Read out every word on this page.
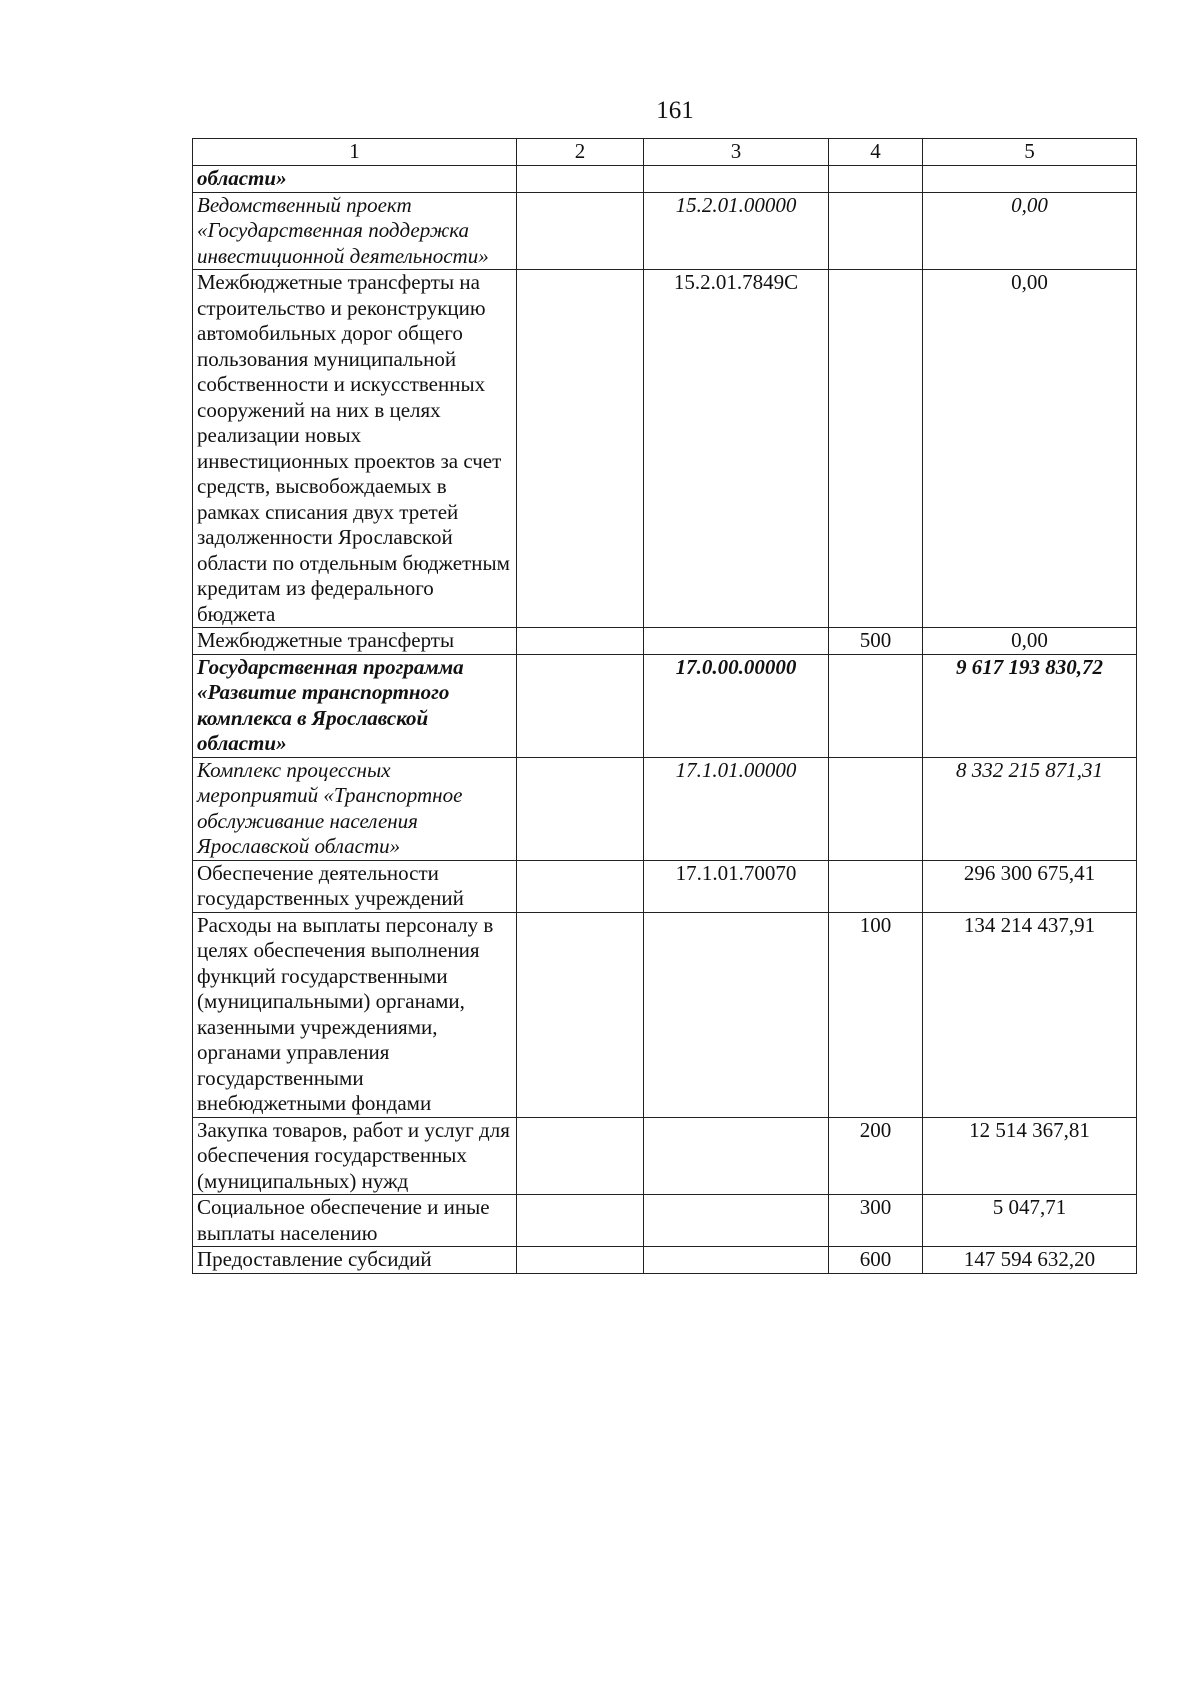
161
1	2	3	4	5
области»				
Ведомственный проект «Государственная поддержка инвестиционной деятельности»		15.2.01.00000		0,00
Межбюджетные трансферты на строительство и реконструкцию автомобильных дорог общего пользования муниципальной собственности и искусственных сооружений на них в целях реализации новых инвестиционных проектов за счет средств, высвобождаемых в рамках списания двух третей задолженности Ярославской области по отдельным бюджетным кредитам из федерального бюджета		15.2.01.7849С		0,00
Межбюджетные трансферты			500	0,00
Государственная программа «Развитие транспортного комплекса в Ярославской области»		17.0.00.00000		9 617 193 830,72
Комплекс процессных мероприятий «Транспортное обслуживание населения Ярославской области»		17.1.01.00000		8 332 215 871,31
Обеспечение деятельности государственных учреждений		17.1.01.70070		296 300 675,41
Расходы на выплаты персоналу в целях обеспечения выполнения функций государственными (муниципальными) органами, казенными учреждениями, органами управления государственными внебюджетными фондами			100	134 214 437,91
Закупка товаров, работ и услуг для обеспечения государственных (муниципальных) нужд			200	12 514 367,81
Социальное обеспечение и иные выплаты населению			300	5 047,71
Предоставление субсидий			600	147 594 632,20
